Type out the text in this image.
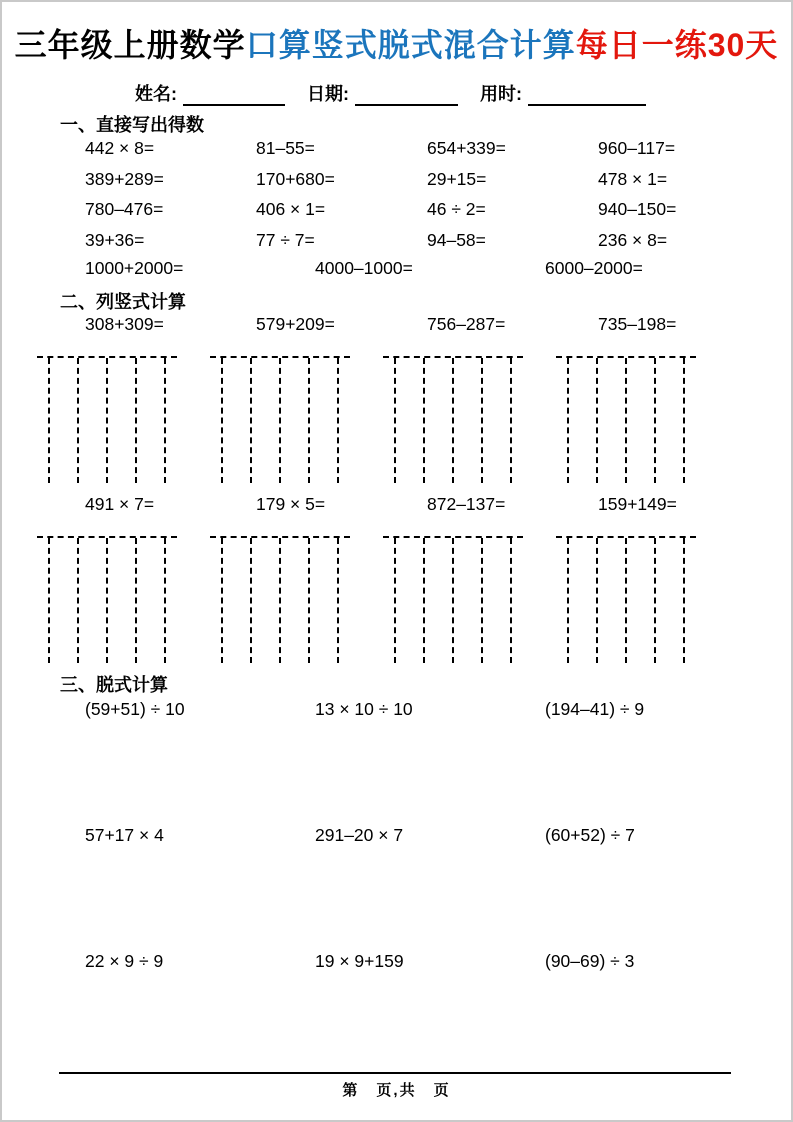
三年级上册数学口算竖式脱式混合计算每日一练30天
姓名:	日期:	用时:
一、直接写出得数
442 × 8=	81–55=	654+339=	960–117=
389+289=	170+680=	29+15=	478 × 1=
780–476=	406 × 1=	46 ÷ 2=	940–150=
39+36=	77 ÷ 7=	94–58=	236 × 8=
1000+2000=	4000–1000=	6000–2000=
二、列竖式计算
308+309=	579+209=	756–287=	735–198=
491 × 7=	179 × 5=	872–137=	159+149=
三、脱式计算
(59+51) ÷ 10	13 × 10 ÷ 10	(194–41) ÷ 9
57+17 × 4	291–20 × 7	(60+52) ÷ 7
22 × 9 ÷ 9	19 × 9+159	(90–69) ÷ 3
第　页,共　页
